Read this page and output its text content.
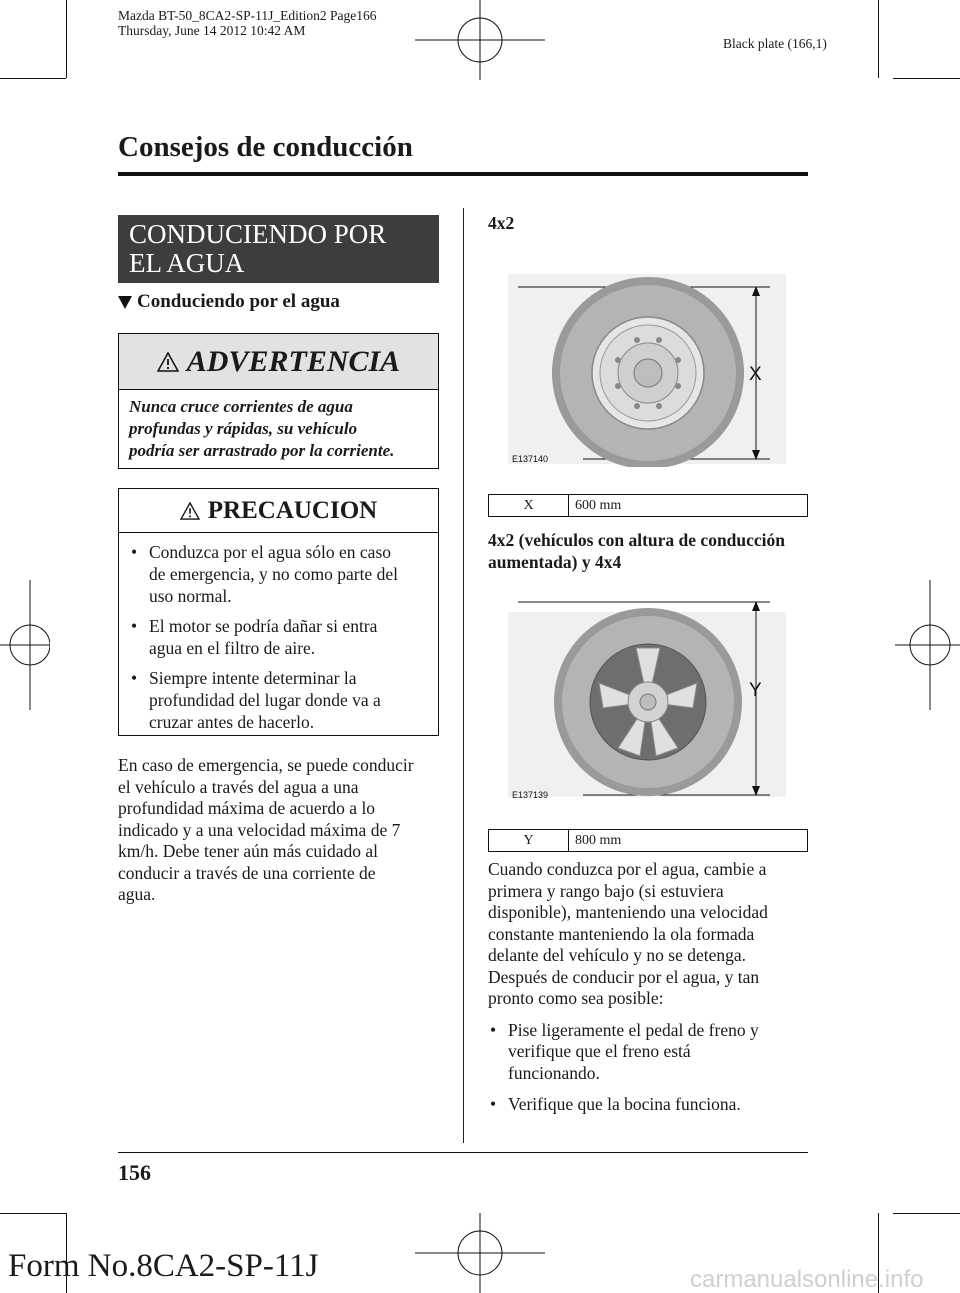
Mazda BT-50_8CA2-SP-11J_Edition2 Page166
Thursday, June 14 2012 10:42 AM
Black plate (166,1)
Consejos de conducción
CONDUCIENDO POR
EL AGUA
Conduciendo por el agua
ADVERTENCIA
Nunca cruce corrientes de agua
profundas y rápidas, su vehículo
podría ser arrastrado por la corriente.
PRECAUCION
• Conduzca por el agua sólo en caso
de emergencia, y no como parte del
uso normal.
• El motor se podría dañar si entra
agua en el filtro de aire.
• Siempre intente determinar la
profundidad del lugar donde va a
cruzar antes de hacerlo.
En caso de emergencia, se puede conducir
el vehículo a través del agua a una
profundidad máxima de acuerdo a lo
indicado y a una velocidad máxima de 7
km/h. Debe tener aún más cuidado al
conducir a través de una corriente de
agua.
4x2
X
E137140
X	600 mm
4x2 (vehículos con altura de conducción
aumentada) y 4x4
Y
E137139
Y	800 mm
Cuando conduzca por el agua, cambie a
primera y rango bajo (si estuviera
disponible), manteniendo una velocidad
constante manteniendo la ola formada
delante del vehículo y no se detenga.
Después de conducir por el agua, y tan
pronto como sea posible:
• Pise ligeramente el pedal de freno y
verifique que el freno está
funcionando.
• Verifique que la bocina funciona.
156
Form No.8CA2-SP-11J	carmanualsonline.info
